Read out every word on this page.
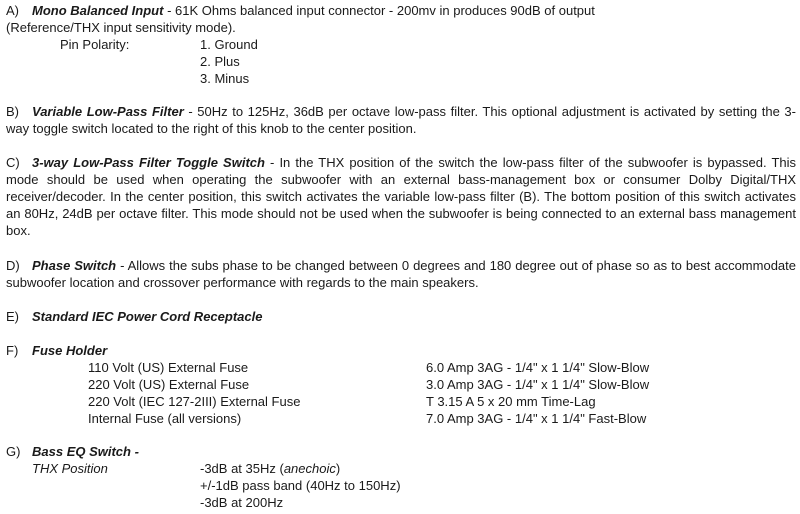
A)	Mono Balanced Input - 61K Ohms balanced input connector - 200mv in produces 90dB of output
(Reference/THX input sensitivity mode).
Pin Polarity:	1. Ground
2. Plus
3. Minus
B)	Variable Low-Pass Filter - 50Hz to 125Hz, 36dB per octave low-pass filter. This optional adjustment is activated by setting the 3-way toggle switch located to the right of this knob to the center position.
C) 3-way Low-Pass Filter Toggle Switch - In the THX position of the switch the low-pass filter of the subwoofer is bypassed. This mode should be used when operating the subwoofer with an external bass-management box or consumer Dolby Digital/THX receiver/decoder. In the center position, this switch activates the variable low-pass filter (B). The bottom position of this switch activates an 80Hz, 24dB per octave filter. This mode should not be used when the subwoofer is being connected to an external bass management box.
D) Phase Switch - Allows the subs phase to be changed between 0 degrees and 180 degree out of phase so as to best accommodate subwoofer location and crossover performance with regards to the main speakers.
E)	Standard IEC Power Cord Receptacle
F)	Fuse Holder
110 Volt (US) External Fuse	6.0 Amp 3AG - 1/4" x 1 1/4" Slow-Blow
220 Volt (US) External Fuse	3.0 Amp 3AG - 1/4" x 1 1/4" Slow-Blow
220 Volt (IEC 127-2III) External Fuse	T 3.15 A 5 x 20 mm Time-Lag
Internal Fuse (all versions)	7.0 Amp 3AG - 1/4" x 1 1/4" Fast-Blow
G) Bass EQ Switch -
THX Position	-3dB at 35Hz (anechoic)
+/-1dB pass band (40Hz to 150Hz)
-3dB at 200Hz
